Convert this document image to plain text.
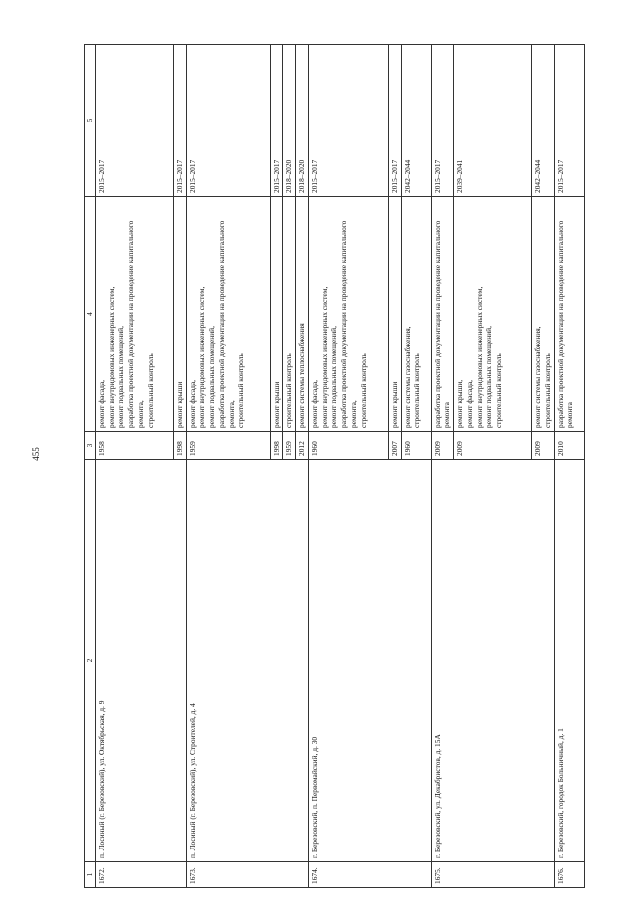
455
1	2	3	4	5
1672.	п. Лосиный (г. Березовский), ул. Октябрьская, д. 9	1958	ремонт фасада,
ремонт внутридомовых инженерных систем,
ремонт подвальных помещений,
разработка проектной документации на проведение капитального ремонта,
строительный контроль	2015–2017
		1998	ремонт крыши	2015–2017
1673.	п. Лосиный (г. Березовский), ул. Строителей, д. 4	1959	ремонт фасада,
ремонт внутридомовых инженерных систем,
ремонт подвальных помещений,
разработка проектной документации на проведение капитального ремонта,
строительный контроль	2015–2017
		1998	ремонт крыши	2015–2017
		1959	строительный контроль	2018–2020
		2012	ремонт системы теплоснабжения	2018–2020
1674.	г. Березовский, п. Первомайский, д. 30	1960	ремонт фасада,
ремонт внутридомовых инженерных систем,
ремонт подвальных помещений,
разработка проектной документации на проведение капитального ремонта,
строительный контроль	2015–2017
		2007	ремонт крыши	2015–2017
		1960	ремонт системы газоснабжения,
строительный контроль	2042–2044
1675.	г. Березовский, ул. Декабристов, д. 15А	2009	разработка проектной документации на проведение капитального ремонта	2015–2017
		2009	ремонт крыши,
ремонт фасада,
ремонт внутридомовых инженерных систем,
ремонт подвальных помещений,
строительный контроль	2039–2041
		2009	ремонт системы газоснабжения,
строительный контроль	2042–2044
1676.	г. Березовский, городок Больничный, д. 1	2010	разработка проектной документации на проведение капитального ремонта	2015–2017
